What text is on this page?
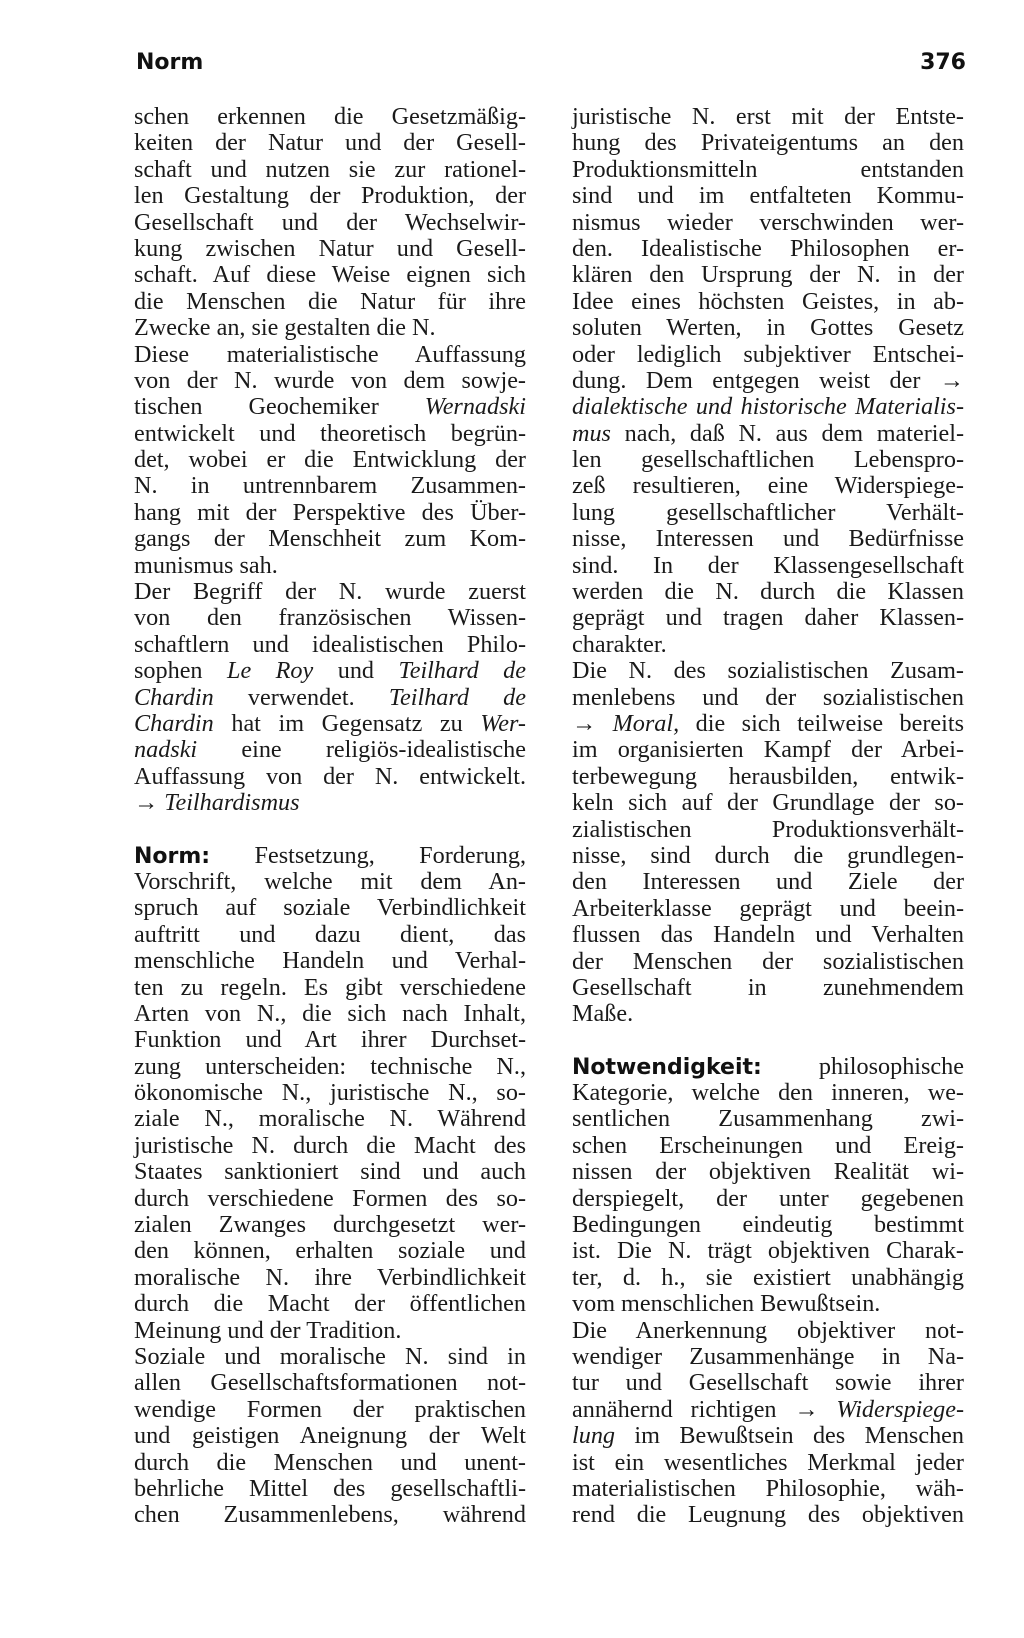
Norm	376
schen erkennen die Gesetzmäßig-
keiten der Natur und der Gesell-
schaft und nutzen sie zur rationel-
len Gestaltung der Produktion, der
Gesellschaft und der Wechselwir-
kung zwischen Natur und Gesell-
schaft. Auf diese Weise eignen sich
die Menschen die Natur für ihre
Zwecke an, sie gestalten die N.
Diese materialistische Auffassung
von der N. wurde von dem sowje-
tischen Geochemiker Wernadski
entwickelt und theoretisch begrün-
det, wobei er die Entwicklung der
N. in untrennbarem Zusammen-
hang mit der Perspektive des Über-
gangs der Menschheit zum Kom-
munismus sah.
Der Begriff der N. wurde zuerst
von den französischen Wissen-
schaftlern und idealistischen Philo-
sophen Le Roy und Teilhard de
Chardin verwendet. Teilhard de
Chardin hat im Gegensatz zu Wer-
nadski eine religiös-idealistische
Auffassung von der N. entwickelt.
→ Teilhardismus
Norm: Festsetzung, Forderung,
Vorschrift, welche mit dem An-
spruch auf soziale Verbindlichkeit
auftritt und dazu dient, das
menschliche Handeln und Verhal-
ten zu regeln. Es gibt verschiedene
Arten von N., die sich nach Inhalt,
Funktion und Art ihrer Durchset-
zung unterscheiden: technische N.,
ökonomische N., juristische N., so-
ziale N., moralische N. Während
juristische N. durch die Macht des
Staates sanktioniert sind und auch
durch verschiedene Formen des so-
zialen Zwanges durchgesetzt wer-
den können, erhalten soziale und
moralische N. ihre Verbindlichkeit
durch die Macht der öffentlichen
Meinung und der Tradition.
Soziale und moralische N. sind in
allen Gesellschaftsformationen not-
wendige Formen der praktischen
und geistigen Aneignung der Welt
durch die Menschen und unent-
behrliche Mittel des gesellschaftli-
chen Zusammenlebens, während
juristische N. erst mit der Entste-
hung des Privateigentums an den
Produktionsmitteln entstanden
sind und im entfalteten Kommu-
nismus wieder verschwinden wer-
den. Idealistische Philosophen er-
klären den Ursprung der N. in der
Idee eines höchsten Geistes, in ab-
soluten Werten, in Gottes Gesetz
oder lediglich subjektiver Entschei-
dung. Dem entgegen weist der →
dialektische und historische Materialis-
mus nach, daß N. aus dem materiel-
len gesellschaftlichen Lebenspro-
zeß resultieren, eine Widerspiege-
lung gesellschaftlicher Verhält-
nisse, Interessen und Bedürfnisse
sind. In der Klassengesellschaft
werden die N. durch die Klassen
geprägt und tragen daher Klassen-
charakter.
Die N. des sozialistischen Zusam-
menlebens und der sozialistischen
→ Moral, die sich teilweise bereits
im organisierten Kampf der Arbei-
terbewegung herausbilden, entwik-
keln sich auf der Grundlage der so-
zialistischen Produktionsverhält-
nisse, sind durch die grundlegen-
den Interessen und Ziele der
Arbeiterklasse geprägt und beein-
flussen das Handeln und Verhalten
der Menschen der sozialistischen
Gesellschaft in zunehmendem
Maße.
Notwendigkeit: philosophische
Kategorie, welche den inneren, we-
sentlichen Zusammenhang zwi-
schen Erscheinungen und Ereig-
nissen der objektiven Realität wi-
derspiegelt, der unter gegebenen
Bedingungen eindeutig bestimmt
ist. Die N. trägt objektiven Charak-
ter, d. h., sie existiert unabhängig
vom menschlichen Bewußtsein.
Die Anerkennung objektiver not-
wendiger Zusammenhänge in Na-
tur und Gesellschaft sowie ihrer
annähernd richtigen → Widerspiege-
lung im Bewußtsein des Menschen
ist ein wesentliches Merkmal jeder
materialistischen Philosophie, wäh-
rend die Leugnung des objektiven
